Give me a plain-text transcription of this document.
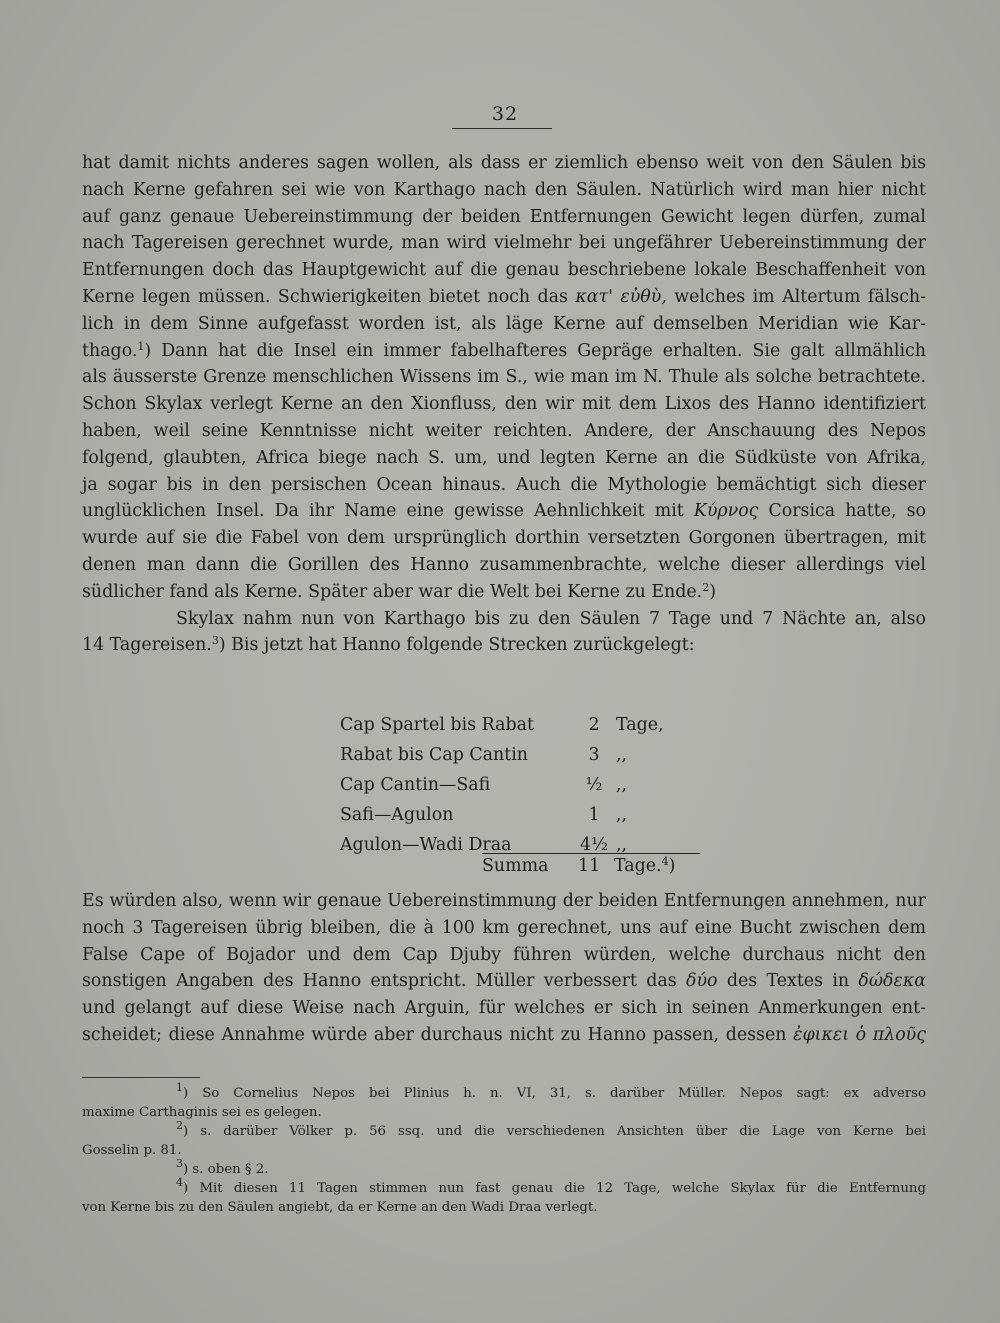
32
hat damit nichts anderes sagen wollen, als dass er ziemlich ebenso weit von den Säulen bis
nach Kerne gefahren sei wie von Karthago nach den Säulen. Natürlich wird man hier nicht
auf ganz genaue Uebereinstimmung der beiden Entfernungen Gewicht legen dürfen, zumal
nach Tagereisen gerechnet wurde, man wird vielmehr bei ungefährer Uebereinstimmung der
Entfernungen doch das Hauptgewicht auf die genau beschriebene lokale Beschaffenheit von
Kerne legen müssen. Schwierigkeiten bietet noch das κατ' εὐθὺ, welches im Altertum fälsch-
lich in dem Sinne aufgefasst worden ist, als läge Kerne auf demselben Meridian wie Kar-
thago.$^1$) Dann hat die Insel ein immer fabelhafteres Gepräge erhalten. Sie galt allmählich
als äusserste Grenze menschlichen Wissens im S., wie man im N. Thule als solche betrachtete.
Schon Skylax verlegt Kerne an den Xionfluss, den wir mit dem Lixos des Hanno identifiziert
haben, weil seine Kenntnisse nicht weiter reichten. Andere, der Anschauung des Nepos
folgend, glaubten, Africa biege nach S. um, und legten Kerne an die Südküste von Afrika,
ja sogar bis in den persischen Ocean hinaus. Auch die Mythologie bemächtigt sich dieser
unglücklichen Insel. Da ihr Name eine gewisse Aehnlichkeit mit Κύρνος Corsica hatte, so
wurde auf sie die Fabel von dem ursprünglich dorthin versetzten Gorgonen übertragen, mit
denen man dann die Gorillen des Hanno zusammenbrachte, welche dieser allerdings viel
südlicher fand als Kerne. Später aber war die Welt bei Kerne zu Ende.$^2$)
Skylax nahm nun von Karthago bis zu den Säulen 7 Tage und 7 Nächte an, also
14 Tagereisen.$^3$) Bis jetzt hat Hanno folgende Strecken zurückgelegt:
Cap Spartel bis Rabat	2 Tage,
Rabat bis Cap Cantin	3 ,,
Cap Cantin—Safi	½ ,,
Safi—Agulon	1 ,,
Agulon—Wadi Draa	4½ ,,
Summa	11 Tage.$^4$)
Es würden also, wenn wir genaue Uebereinstimmung der beiden Entfernungen annehmen, nur
noch 3 Tagereisen übrig bleiben, die à 100 km gerechnet, uns auf eine Bucht zwischen dem
False Cape of Bojador und dem Cap Djuby führen würden, welche durchaus nicht den
sonstigen Angaben des Hanno entspricht. Müller verbessert das δύο des Textes in δώδεκα
und gelangt auf diese Weise nach Arguin, für welches er sich in seinen Anmerkungen ent-
scheidet; diese Annahme würde aber durchaus nicht zu Hanno passen, dessen ἐφικει ὁ πλοῦς
$^1$) So Cornelius Nepos bei Plinius h. n. VI, 31, s. darüber Müller. Nepos sagt: ex adverso
maxime Carthaginis sei es gelegen.
$^2$) s. darüber Völker p. 56 ssq. und die verschiedenen Ansichten über die Lage von Kerne bei
Gosselin p. 81.
$^3$) s. oben § 2.
$^4$) Mit diesen 11 Tagen stimmen nun fast genau die 12 Tage, welche Skylax für die Entfernung
von Kerne bis zu den Säulen angiebt, da er Kerne an den Wadi Draa verlegt.
